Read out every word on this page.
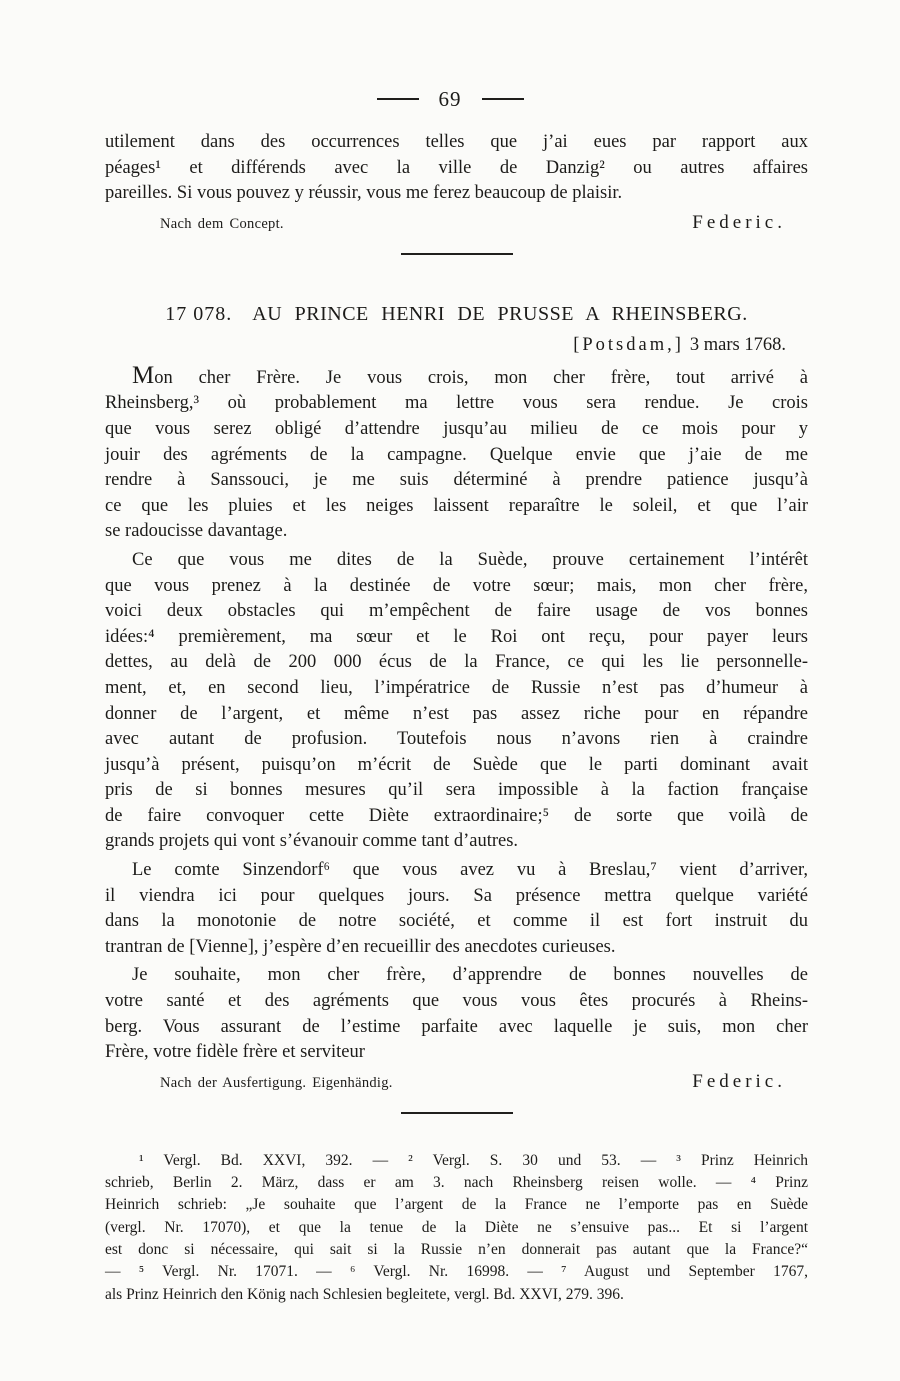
69
utilement dans des occurrences telles que j’ai eues par rapport aux
péages¹ et différends avec la ville de Danzig² ou autres affaires
pareilles. Si vous pouvez y réussir, vous me ferez beaucoup de plaisir.
Nach dem Concept.	Federic.
17 078. AU PRINCE HENRI DE PRUSSE A RHEINSBERG.
[Potsdam,] 3 mars 1768.
Mon cher Frère. Je vous crois, mon cher frère, tout arrivé à
Rheinsberg,³ où probablement ma lettre vous sera rendue. Je crois
que vous serez obligé d’attendre jusqu’au milieu de ce mois pour y
jouir des agréments de la campagne. Quelque envie que j’aie de me
rendre à Sanssouci, je me suis déterminé à prendre patience jusqu’à
ce que les pluies et les neiges laissent reparaître le soleil, et que l’air
se radoucisse davantage.
Ce que vous me dites de la Suède, prouve certainement l’intérêt
que vous prenez à la destinée de votre sœur; mais, mon cher frère,
voici deux obstacles qui m’empêchent de faire usage de vos bonnes
idées:⁴ premièrement, ma sœur et le Roi ont reçu, pour payer leurs
dettes, au delà de 200 000 écus de la France, ce qui les lie personnelle-
ment, et, en second lieu, l’impératrice de Russie n’est pas d’humeur à
donner de l’argent, et même n’est pas assez riche pour en répandre
avec autant de profusion. Toutefois nous n’avons rien à craindre
jusqu’à présent, puisqu’on m’écrit de Suède que le parti dominant avait
pris de si bonnes mesures qu’il sera impossible à la faction française
de faire convoquer cette Diète extraordinaire;⁵ de sorte que voilà de
grands projets qui vont s’évanouir comme tant d’autres.
Le comte Sinzendorf⁶ que vous avez vu à Breslau,⁷ vient d’arriver,
il viendra ici pour quelques jours. Sa présence mettra quelque variété
dans la monotonie de notre société, et comme il est fort instruit du
trantran de [Vienne], j’espère d’en recueillir des anecdotes curieuses.
Je souhaite, mon cher frère, d’apprendre de bonnes nouvelles de
votre santé et des agréments que vous vous êtes procurés à Rheins-
berg. Vous assurant de l’estime parfaite avec laquelle je suis, mon cher
Frère, votre fidèle frère et serviteur
Nach der Ausfertigung. Eigenhändig.	Federic.
¹ Vergl. Bd. XXVI, 392. — ² Vergl. S. 30 und 53. — ³ Prinz Heinrich
schrieb, Berlin 2. März, dass er am 3. nach Rheinsberg reisen wolle. — ⁴ Prinz
Heinrich schrieb: „Je souhaite que l’argent de la France ne l’emporte pas en Suède
(vergl. Nr. 17070), et que la tenue de la Diète ne s’ensuive pas... Et si l’argent
est donc si nécessaire, qui sait si la Russie n’en donnerait pas autant que la France?“
— ⁵ Vergl. Nr. 17071. — ⁶ Vergl. Nr. 16998. — ⁷ August und September 1767,
als Prinz Heinrich den König nach Schlesien begleitete, vergl. Bd. XXVI, 279. 396.
